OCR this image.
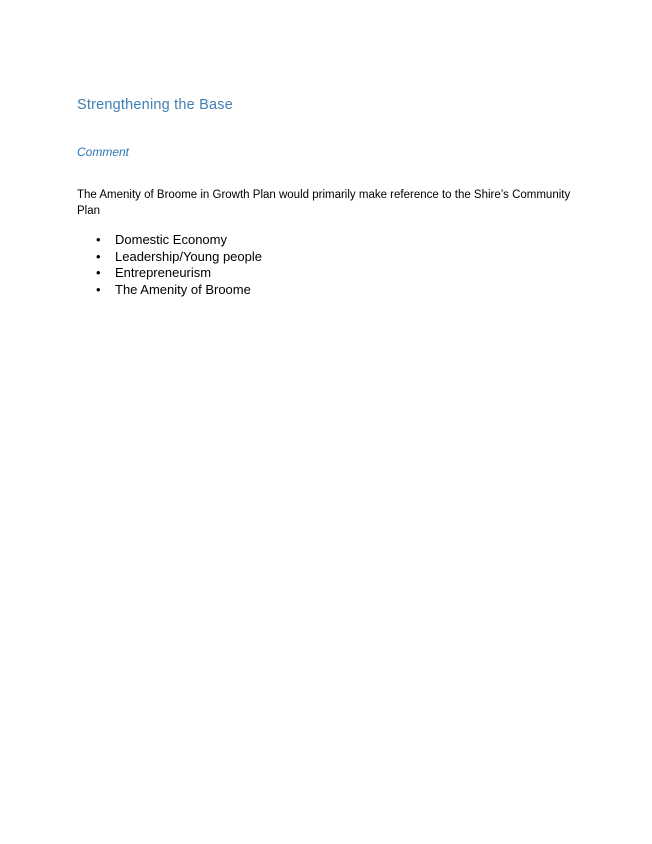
Strengthening the Base

Comment

The Amenity of Broome in Growth Plan would primarily make reference to the Shire’s Community Plan

• Domestic Economy
• Leadership/Young people
• Entrepreneurism
• The Amenity of Broome
